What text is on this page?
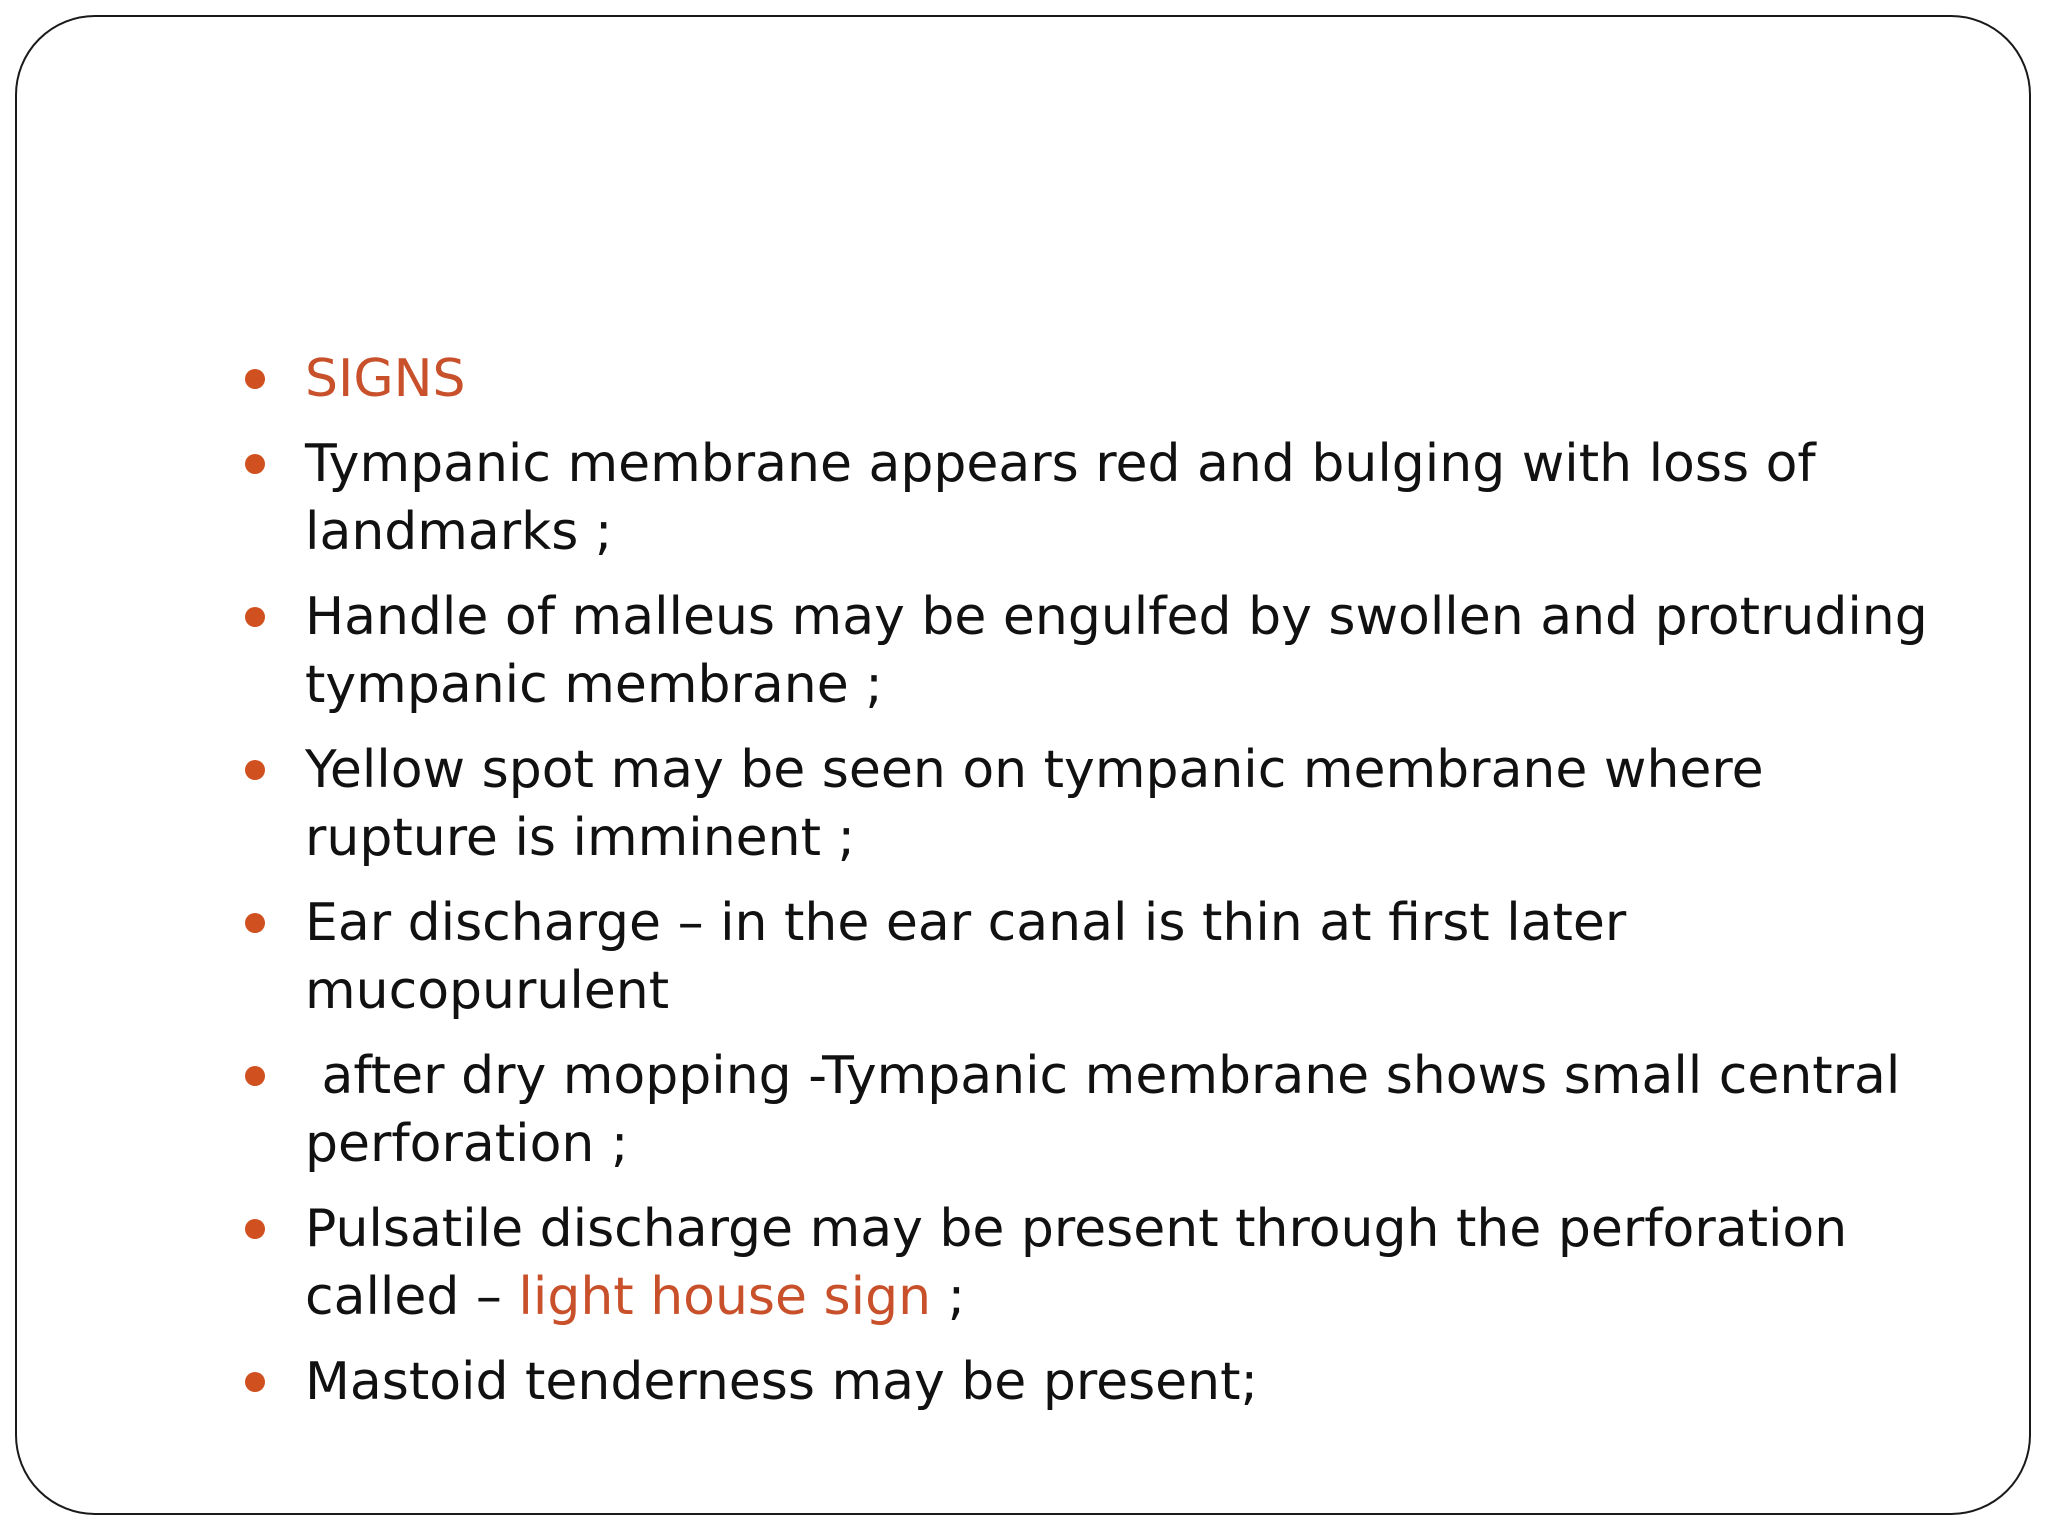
SIGNS
Tympanic membrane appears red and bulging with loss of landmarks ;
Handle of malleus may be engulfed by swollen and protruding tympanic membrane ;
Yellow spot may be seen on tympanic membrane where rupture is imminent ;
Ear discharge – in the ear canal is thin at first later mucopurulent
after dry mopping -Tympanic membrane shows small central perforation ;
Pulsatile discharge may be present through the perforation called – light house sign ;
Mastoid tenderness may be present;
